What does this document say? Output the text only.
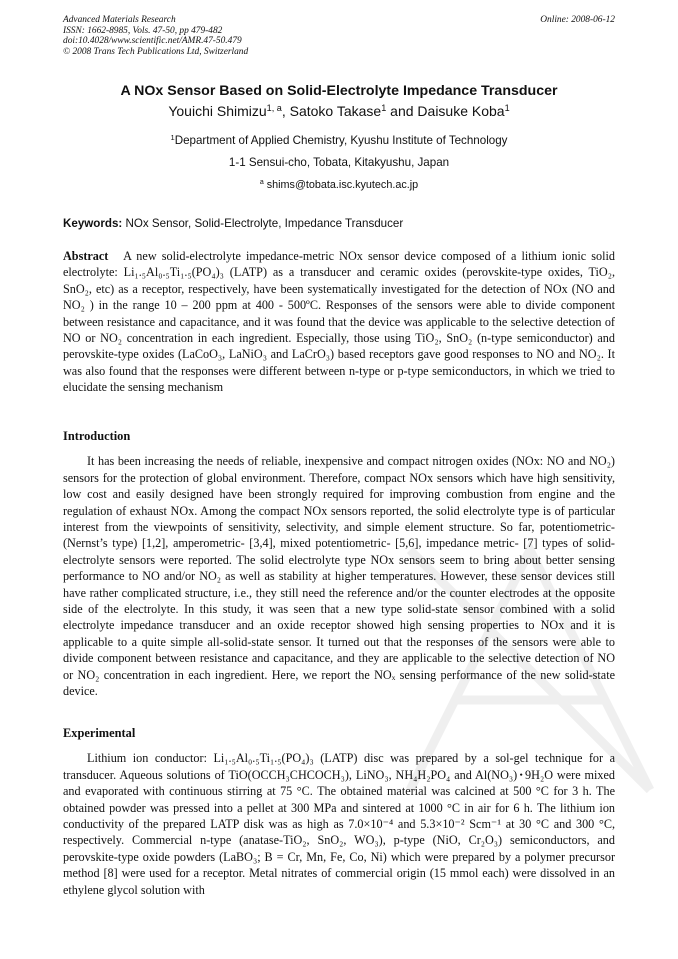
Advanced Materials Research
ISSN: 1662-8985, Vols. 47-50, pp 479-482
doi:10.4028/www.scientific.net/AMR.47-50.479
© 2008 Trans Tech Publications Ltd, Switzerland
Online: 2008-06-12
A NOx Sensor Based on Solid-Electrolyte Impedance Transducer
Youichi Shimizu$^{1, a}$, Satoko Takase$^1$ and Daisuke Koba$^1$
$^1$Department of Applied Chemistry, Kyushu Institute of Technology
1-1 Sensui-cho, Tobata, Kitakyushu, Japan
$^a$ shims@tobata.isc.kyutech.ac.jp
Keywords: NOx Sensor, Solid-Electrolyte, Impedance Transducer

Abstract A new solid-electrolyte impedance-metric NOx sensor device composed of a lithium ionic solid electrolyte: Li₁.₅Al₀.₅Ti₁.₅(PO₄)₃ (LATP) as a transducer and ceramic oxides (perovskite-type oxides, TiO₂, SnO₂, etc) as a receptor, respectively, have been systematically investigated for the detection of NOx (NO and NO₂ ) in the range 10 – 200 ppm at 400 - 500ºC. Responses of the sensors were able to divide component between resistance and capacitance, and it was found that the device was applicable to the selective detection of NO or NO₂ concentration in each ingredient. Especially, those using TiO₂, SnO₂ (n-type semiconductor) and perovskite-type oxides (LaCoO₃, LaNiO₃ and LaCrO₃) based receptors gave good responses to NO and NO₂. It was also found that the responses were different between n-type or p-type semiconductors, in which we tried to elucidate the sensing mechanism

Introduction

It has been increasing the needs of reliable, inexpensive and compact nitrogen oxides (NOx: NO and NO₂) sensors for the protection of global environment. Therefore, compact NOx sensors which have high sensitivity, low cost and easily designed have been strongly required for improving combustion from engine and the regulation of exhaust NOx. Among the compact NOx sensors reported, the solid electrolyte type is of particular interest from the viewpoints of sensitivity, selectivity, and simple element structure. So far, potentiometric- (Nernst’s type) [1,2], amperometric- [3,4], mixed potentiometric- [5,6], impedance metric- [7] types of solid-electrolyte sensors were reported. The solid electrolyte type NOx sensors seem to bring about better sensing performance to NO and/or NO₂ as well as stability at higher temperatures. However, these sensor devices still have rather complicated structure, i.e., they still need the reference and/or the counter electrodes at the opposite side of the electrolyte. In this study, it was seen that a new type solid-state sensor combined with a solid electrolyte impedance transducer and an oxide receptor showed high sensing properties to NOx and it is applicable to a quite simple all-solid-state sensor. It turned out that the responses of the sensors were able to divide component between resistance and capacitance, and they are applicable to the selective detection of NO or NO₂ concentration in each ingredient. Here, we report the NOₓ sensing performance of the new solid-state device.

Experimental

Lithium ion conductor: Li₁.₅Al₀.₅Ti₁.₅(PO₄)₃ (LATP) disc was prepared by a sol-gel technique for a transducer. Aqueous solutions of TiO(OCCH₃CHCOCH₃), LiNO₃, NH₄H₂PO₄ and Al(NO₃)･9H₂O were mixed and evaporated with continuous stirring at 75 °C. The obtained material was calcined at 500 °C for 3 h. The obtained powder was pressed into a pellet at 300 MPa and sintered at 1000 °C in air for 6 h. The lithium ion conductivity of the prepared LATP disk was as high as 7.0×10⁻⁴ and 5.3×10⁻² Scm⁻¹ at 30 °C and 300 °C, respectively. Commercial n-type (anatase-TiO₂, SnO₂, WO₃), p-type (NiO, Cr₂O₃) semiconductors, and perovskite-type oxide powders (LaBO₃; B = Cr, Mn, Fe, Co, Ni) which were prepared by a polymer precursor method [8] were used for a receptor. Metal nitrates of commercial origin (15 mmol each) were dissolved in an ethylene glycol solution with
